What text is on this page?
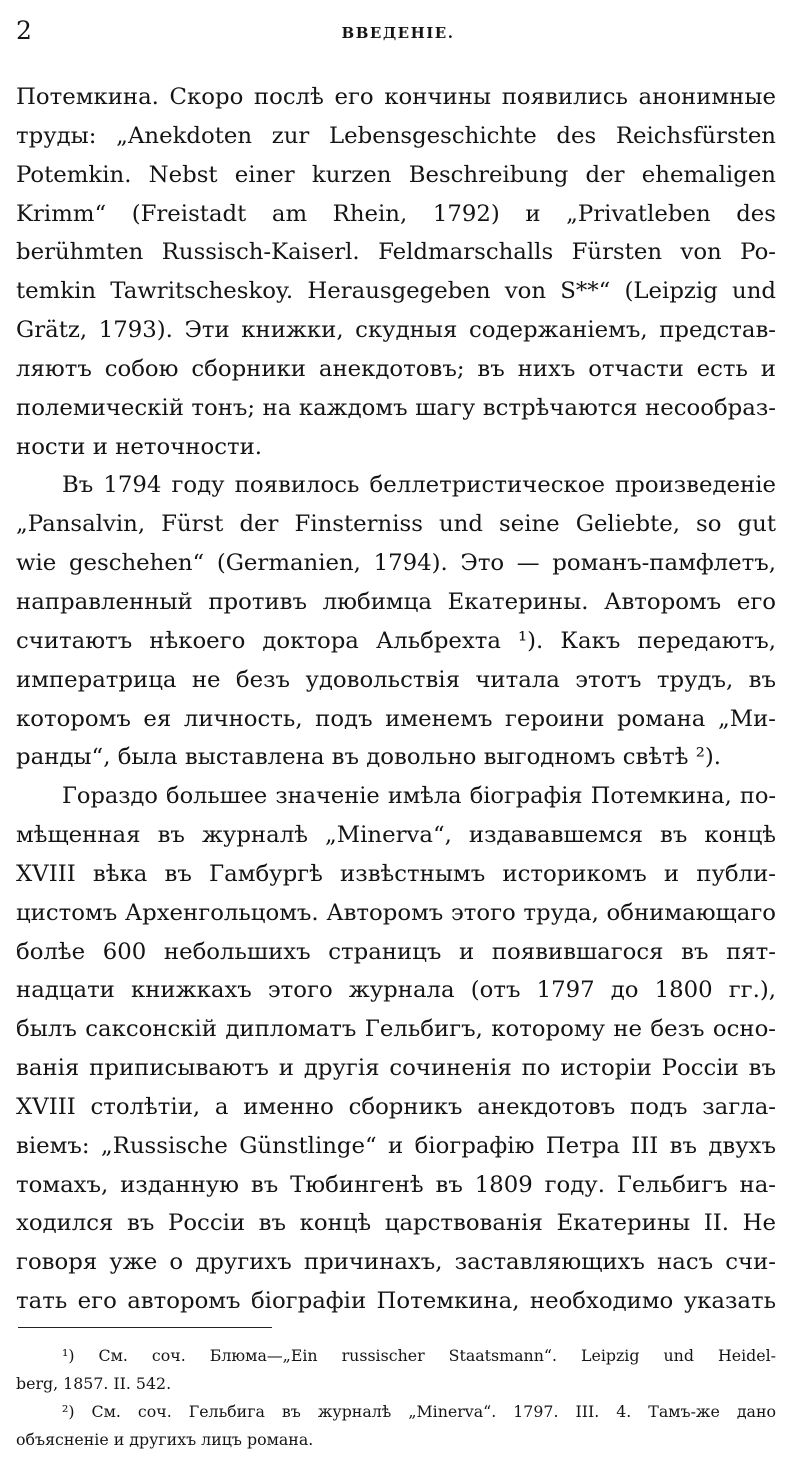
2	ВВЕДЕНІЕ.
Потемкина. Скоро послѣ его кончины появились анонимные
труды: „Anekdoten zur Lebensgeschichte des Reichsfürsten
Potemkin. Nebst einer kurzen Beschreibung der ehemaligen
Krimm“ (Freistadt am Rhein, 1792) и „Privatleben des
berühmten Russisch-Kaiserl. Feldmarschalls Fürsten von Po-
temkin Tawritscheskoy. Herausgegeben von S**“ (Leipzig und
Grätz, 1793). Эти книжки, скудныя содержаніемъ, представ-
ляютъ собою сборники анекдотовъ; въ нихъ отчасти есть и
полемическій тонъ; на каждомъ шагу встрѣчаются несообраз-
ности и неточности.
Въ 1794 году появилось беллетристическое произведеніе
„Pansalvin, Fürst der Finsterniss und seine Geliebte, so gut
wie geschehen“ (Germanien, 1794). Это — романъ-памфлетъ,
направленный противъ любимца Екатерины. Авторомъ его
считаютъ нѣкоего доктора Альбрехта ¹). Какъ передаютъ,
императрица не безъ удовольствія читала этотъ трудъ, въ
которомъ ея личность, подъ именемъ героини романа „Ми-
ранды“, была выставлена въ довольно выгодномъ свѣтѣ ²).
Гораздо большее значеніе имѣла біографія Потемкина, по-
мѣщенная въ журналѣ „Minerva“, издававшемся въ концѣ
XVIII вѣка въ Гамбургѣ извѣстнымъ историкомъ и публи-
цистомъ Архенгольцомъ. Авторомъ этого труда, обнимающаго
болѣе 600 небольшихъ страницъ и появившагося въ пят-
надцати книжкахъ этого журнала (отъ 1797 до 1800 гг.),
былъ саксонскій дипломатъ Гельбигъ, которому не безъ осно-
ванія приписываютъ и другія сочиненія по исторіи Россіи въ
XVIII столѣтіи, а именно сборникъ анекдотовъ подъ загла-
віемъ: „Russische Günstlinge“ и біографію Петра III въ двухъ
томахъ, изданную въ Тюбингенѣ въ 1809 году. Гельбигъ на-
ходился въ Россіи въ концѣ царствованія Екатерины II. Не
говоря уже о другихъ причинахъ, заставляющихъ насъ счи-
тать его авторомъ біографіи Потемкина, необходимо указать
¹) См. соч. Блюма—„Ein russischer Staatsmann“. Leipzig und Heidel-
berg, 1857. II. 542.
²) См. соч. Гельбига въ журналѣ „Minerva“. 1797. III. 4. Тамъ-же дано
объясненіе и другихъ лицъ романа.
